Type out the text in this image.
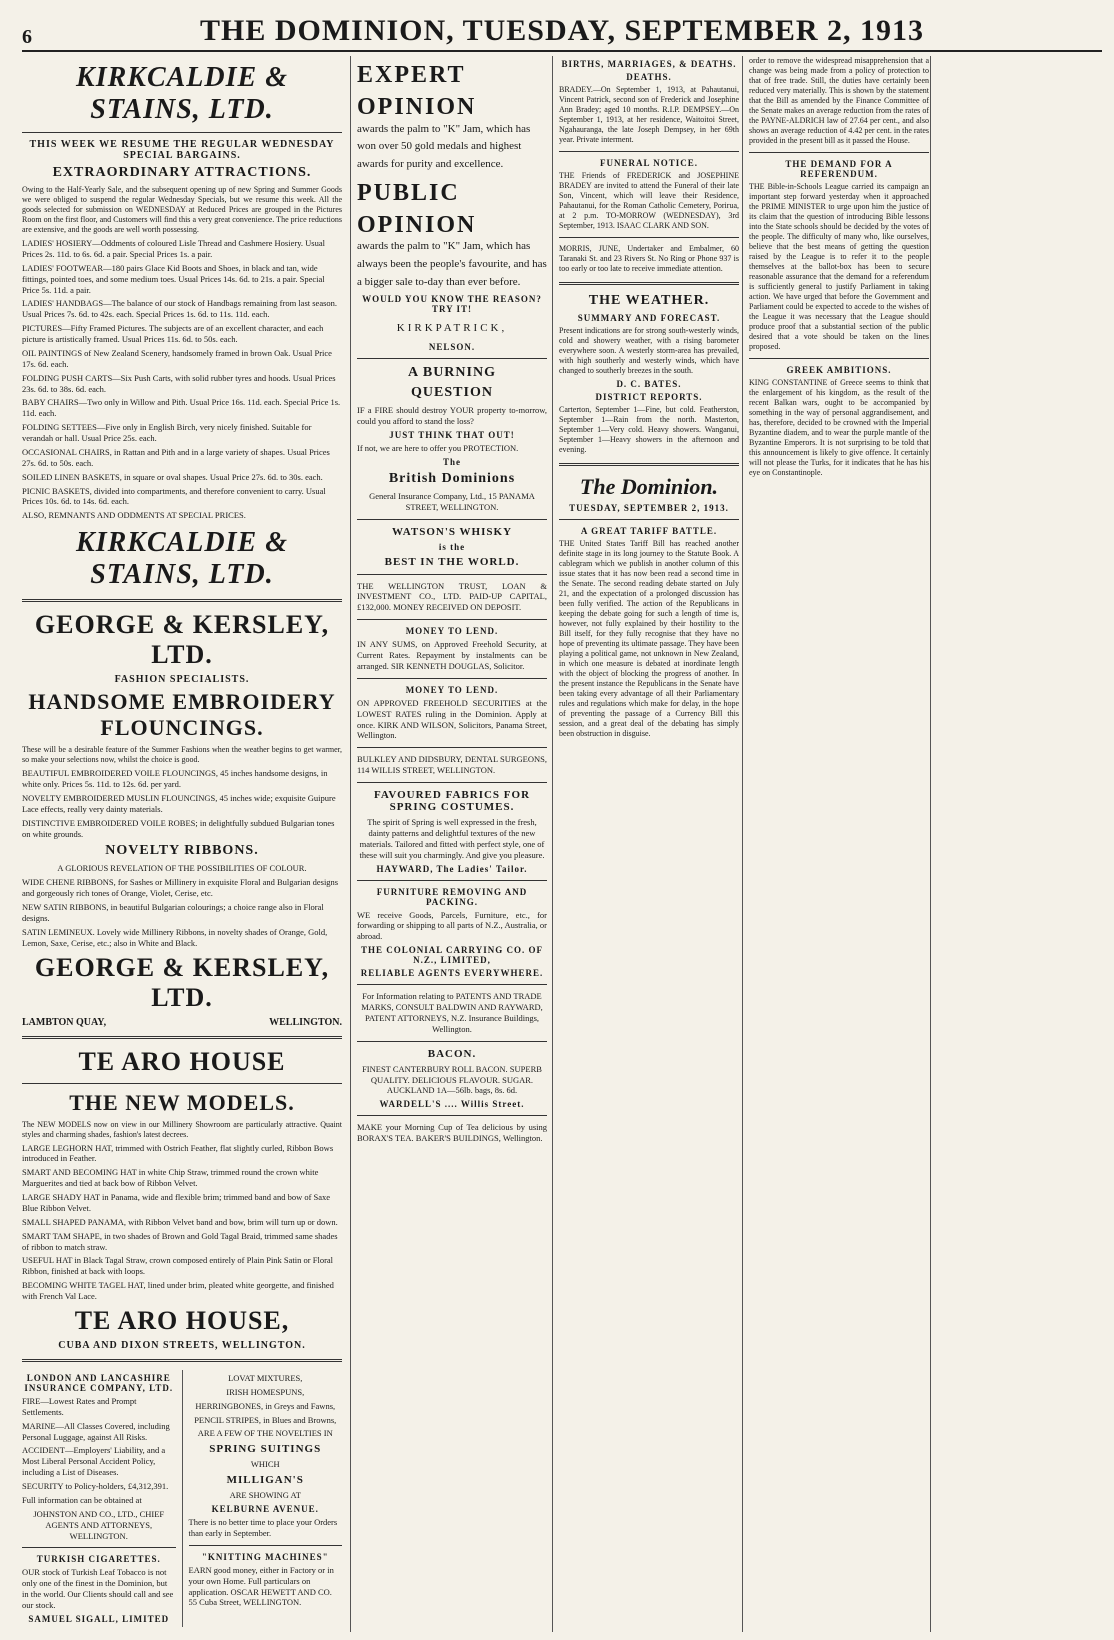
6	THE DOMINION, TUESDAY, SEPTEMBER 2, 1913
KIRKCALDIE & STAINS, LTD.
THIS WEEK WE RESUME THE REGULAR WEDNESDAY SPECIAL BARGAINS.
EXTRAORDINARY ATTRACTIONS.
Owing to the Half-Yearly Sale, and the subsequent opening up of new Spring and Summer Goods we were obliged to suspend the regular Wednesday Specials, but we resume this week. All the goods selected for submission on WEDNESDAY at Reduced Prices are grouped in the Pictures Room on the first floor, and Customers will find this a very great convenience. The price reductions are extensive, and the goods are well worth possessing.
LADIES' HOSIERY—Oddments of coloured Lisle Thread and Cashmere Hosiery. Usual Prices 2s. 11d. to 6s. 6d. a pair. Special Prices 1s. a pair.
LADIES' FOOTWEAR—180 pairs Glace Kid Boots and Shoes, in black and tan, wide fittings, pointed toes, and some medium toes. Usual Prices 14s. 6d. to 21s. a pair. Special Price 5s. 11d. a pair.
LADIES' HANDBAGS—The balance of our stock of Handbags remaining from last season. Usual Prices 7s. 6d. to 42s. each. Special Prices 1s. 6d. to 11s. 11d. each.
PICTURES—Fifty Framed Pictures. The subjects are of an excellent character, and each picture is artistically framed. Usual Prices 11s. 6d. to 50s. each.
OIL PAINTINGS of New Zealand Scenery, handsomely framed in brown Oak. Usual Price 17s. 6d. each.
FOLDING PUSH CARTS—Six Push Carts, with solid rubber tyres and hoods. Usual Prices 23s. 6d. to 38s. 6d. each.
BABY CHAIRS—Two only in Willow and Pith. Usual Price 16s. 11d. each. Special Price 1s. 11d. each.
FOLDING SETTEES—Five only in English Birch, very nicely finished. Suitable for verandah or hall. Usual Price 25s. each.
OCCASIONAL CHAIRS, in Rattan and Pith and in a large variety of shapes. Usual Prices 27s. 6d. to 50s. each.
SOILED LINEN BASKETS, in square or oval shapes. Usual Price 27s. 6d. to 30s. each.
PICNIC BASKETS, divided into compartments, and therefore convenient to carry. Usual Prices 10s. 6d. to 14s. 6d. each.
ALSO, REMNANTS AND ODDMENTS AT SPECIAL PRICES.
KIRKCALDIE & STAINS, LTD.
GEORGE & KERSLEY, LTD.
FASHION SPECIALISTS.
HANDSOME EMBROIDERY FLOUNCINGS.
These will be a desirable feature of the Summer Fashions when the weather begins to get warmer, so make your selections now, whilst the choice is good.
BEAUTIFUL EMBROIDERED VOILE FLOUNCINGS, 45 inches handsome designs, in white only. Prices 5s. 11d. to 12s. 6d. per yard.
NOVELTY EMBROIDERED MUSLIN FLOUNCINGS, 45 inches wide; exquisite Guipure Lace effects, really very dainty materials.
DISTINCTIVE EMBROIDERED VOILE ROBES; in delightfully subdued Bulgarian tones on white grounds.
NOVELTY RIBBONS.
A GLORIOUS REVELATION OF THE POSSIBILITIES OF COLOUR.
WIDE CHENE RIBBONS, for Sashes or Millinery in exquisite Floral and Bulgarian designs and gorgeously rich tones of Orange, Violet, Cerise, etc.
NEW SATIN RIBBONS, in beautiful Bulgarian colourings; a choice range also in Floral designs.
SATIN LEMINEUX. Lovely wide Millinery Ribbons, in novelty shades of Orange, Gold, Lemon, Saxe, Cerise, etc.; also in White and Black.
GEORGE & KERSLEY, LTD.
LAMBTON QUAY,	WELLINGTON.
TE ARO HOUSE
THE NEW MODELS.
The NEW MODELS now on view in our Millinery Showroom are particularly attractive. Quaint styles and charming shades, fashion's latest decrees.
LARGE LEGHORN HAT, trimmed with Ostrich Feather, flat slightly curled, Ribbon Bows introduced in Feather.
SMART AND BECOMING HAT in white Chip Straw, trimmed round the crown white Marguerites and tied at back bow of Ribbon Velvet.
LARGE SHADY HAT in Panama, wide and flexible brim; trimmed band and bow of Saxe Blue Ribbon Velvet.
SMALL SHAPED PANAMA, with Ribbon Velvet band and bow, brim will turn up or down.
SMART TAM SHAPE, in two shades of Brown and Gold Tagal Braid, trimmed same shades of ribbon to match straw.
USEFUL HAT in Black Tagal Straw, crown composed entirely of Plain Pink Satin or Floral Ribbon, finished at back with loops.
BECOMING WHITE TAGEL HAT, lined under brim, pleated white georgette, and finished with French Val Lace.
TE ARO HOUSE,
CUBA AND DIXON STREETS, WELLINGTON.
LONDON AND LANCASHIRE INSURANCE COMPANY, LTD.
FIRE—Lowest Rates and Prompt Settlements.
MARINE—All Classes Covered, including Personal Luggage, against All Risks.
ACCIDENT—Employers' Liability, and a Most Liberal Personal Accident Policy, including a List of Diseases.
SECURITY to Policy-holders, £4,312,391.
Full information can be obtained at
JOHNSTON AND CO., LTD., CHIEF AGENTS AND ATTORNEYS, WELLINGTON.
TURKISH CIGARETTES.
OUR stock of Turkish Leaf Tobacco is not only one of the finest in the Dominion, but in the world. Our Clients should call and see our stock.
SAMUEL SIGALL, LIMITED
LOVAT MIXTURES,
IRISH HOMESPUNS,
HERRINGBONES, in Greys and Fawns,
PENCIL STRIPES, in Blues and Browns,
ARE A FEW OF THE NOVELTIES IN
SPRING SUITINGS
WHICH
MILLIGAN'S
ARE SHOWING AT
KELBURNE AVENUE.
There is no better time to place your Orders than early in September.
"KNITTING MACHINES"
EARN good money, either in Factory or in your own Home. Full particulars on application. OSCAR HEWETT AND CO. 55 Cuba Street, WELLINGTON.
EXPERT
OPINION
awards the palm to "K" Jam, which has won over 50 gold medals and highest awards for purity and excellence.
PUBLIC
OPINION
awards the palm to "K" Jam, which has always been the people's favourite, and has a bigger sale to-day than ever before.
WOULD YOU KNOW THE REASON? TRY IT!
KIRKPATRICK,
NELSON.
A BURNING
QUESTION
IF a FIRE should destroy YOUR property to-morrow, could you afford to stand the loss?
JUST THINK THAT OUT!
If not, we are here to offer you PROTECTION.
The
British Dominions
General Insurance Company, Ltd., 15 PANAMA STREET, WELLINGTON.
WATSON'S WHISKY
is the
BEST IN THE WORLD.
THE WELLINGTON TRUST, LOAN & INVESTMENT CO., LTD. PAID-UP CAPITAL, £132,000. MONEY RECEIVED ON DEPOSIT.
MONEY TO LEND.
IN ANY SUMS, on Approved Freehold Security, at Current Rates. Repayment by instalments can be arranged. SIR KENNETH DOUGLAS, Solicitor.
MONEY TO LEND.
ON APPROVED FREEHOLD SECURITIES at the LOWEST RATES ruling in the Dominion. Apply at once. KIRK AND WILSON, Solicitors, Panama Street, Wellington.
BULKLEY AND DIDSBURY, DENTAL SURGEONS, 114 WILLIS STREET, WELLINGTON.
FAVOURED FABRICS FOR SPRING COSTUMES.
The spirit of Spring is well expressed in the fresh, dainty patterns and delightful textures of the new materials. Tailored and fitted with perfect style, one of these will suit you charmingly. And give you pleasure.
HAYWARD, The Ladies' Tailor.
FURNITURE REMOVING AND PACKING.
WE receive Goods, Parcels, Furniture, etc., for forwarding or shipping to all parts of N.Z., Australia, or abroad.
THE COLONIAL CARRYING CO. OF N.Z., LIMITED,
RELIABLE AGENTS EVERYWHERE.
For Information relating to PATENTS AND TRADE MARKS, CONSULT BALDWIN AND RAYWARD, PATENT ATTORNEYS, N.Z. Insurance Buildings, Wellington.
BACON.
FINEST CANTERBURY ROLL BACON. SUPERB QUALITY. DELICIOUS FLAVOUR. SUGAR. AUCKLAND 1A—56lb. bags, 8s. 6d.
WARDELL'S .... Willis Street.
MAKE your Morning Cup of Tea delicious by using BORAX'S TEA. BAKER'S BUILDINGS, Wellington.
BIRTHS, MARRIAGES, & DEATHS.
DEATHS.
BRADEY.—On September 1, 1913, at Pahautanui, Vincent Patrick, second son of Frederick and Josephine Ann Bradey; aged 10 months. R.I.P. DEMPSEY.—On September 1, 1913, at her residence, Waitoitoi Street, Ngahauranga, the late Joseph Dempsey, in her 69th year. Private interment.
FUNERAL NOTICE.
THE Friends of FREDERICK and JOSEPHINE BRADEY are invited to attend the Funeral of their late Son, Vincent, which will leave their Residence, Pahautanui, for the Roman Catholic Cemetery, Porirua, at 2 p.m. TO-MORROW (WEDNESDAY), 3rd September, 1913. ISAAC CLARK AND SON.
MORRIS, JUNE, Undertaker and Embalmer, 60 Taranaki St. and 23 Rivers St. No Ring or Phone 937 is too early or too late to receive immediate attention.
THE WEATHER.
SUMMARY AND FORECAST.
Present indications are for strong south-westerly winds, cold and showery weather, with a rising barometer everywhere soon. A westerly storm-area has prevailed, with high southerly and westerly winds, which have changed to southerly breezes in the south.
D. C. BATES.
DISTRICT REPORTS.
Carterton, September 1—Fine, but cold. Featherston, September 1—Rain from the north. Masterton, September 1—Very cold. Heavy showers. Wanganui, September 1—Heavy showers in the afternoon and evening.
The Dominion.
TUESDAY, SEPTEMBER 2, 1913.
A GREAT TARIFF BATTLE.
THE United States Tariff Bill has reached another definite stage in its long journey to the Statute Book. A cablegram which we publish in another column of this issue states that it has now been read a second time in the Senate. The second reading debate started on July 21, and the expectation of a prolonged discussion has been fully verified. The action of the Republicans in keeping the debate going for such a length of time is, however, not fully explained by their hostility to the Bill itself, for they fully recognise that they have no hope of preventing its ultimate passage. They have been playing a political game, not unknown in New Zealand, in which one measure is debated at inordinate length with the object of blocking the progress of another. In the present instance the Republicans in the Senate have been taking every advantage of all their Parliamentary rules and regulations which make for delay, in the hope of preventing the passage of a Currency Bill this session, and a great deal of the debating has simply been obstruction in disguise.
order to remove the widespread misapprehension that a change was being made from a policy of protection to that of free trade. Still, the duties have certainly been reduced very materially. This is shown by the statement that the Bill as amended by the Finance Committee of the Senate makes an average reduction from the rates of the PAYNE-ALDRICH law of 27.64 per cent., and also shows an average reduction of 4.42 per cent. in the rates provided in the present bill as it passed the House.
THE DEMAND FOR A REFERENDUM.
THE Bible-in-Schools League carried its campaign an important step forward yesterday when it approached the PRIME MINISTER to urge upon him the justice of its claim that the question of introducing Bible lessons into the State schools should be decided by the votes of the people. The difficulty of many who, like ourselves, believe that the best means of getting the question raised by the League is to refer it to the people themselves at the ballot-box has been to secure reasonable assurance that the demand for a referendum is sufficiently general to justify Parliament in taking action. We have urged that before the Government and Parliament could be expected to accede to the wishes of the League it was necessary that the League should produce proof that a substantial section of the public desired that a vote should be taken on the lines proposed.
GREEK AMBITIONS.
KING CONSTANTINE of Greece seems to think that the enlargement of his kingdom, as the result of the recent Balkan wars, ought to be accompanied by something in the way of personal aggrandisement, and has, therefore, decided to be crowned with the Imperial Byzantine diadem, and to wear the purple mantle of the Byzantine Emperors. It is not surprising to be told that this announcement is likely to give offence. It certainly will not please the Turks, for it indicates that he has his eye on Constantinople.
